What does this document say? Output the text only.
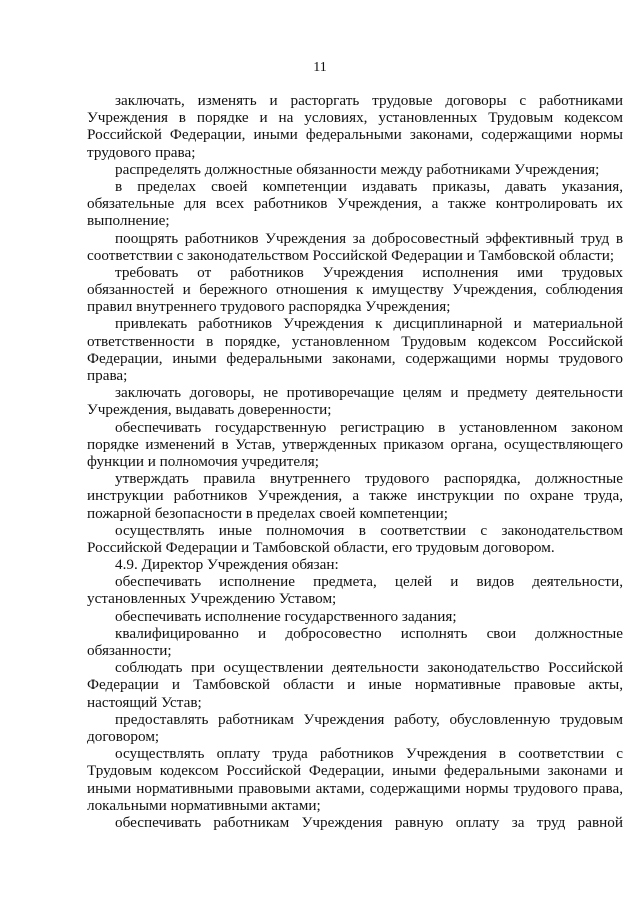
11
заключать, изменять и расторгать трудовые договоры с работниками
Учреждения в порядке и на условиях, установленных Трудовым кодексом
Российской Федерации, иными федеральными законами, содержащими нормы
трудового права;
распределять должностные обязанности между работниками Учреждения;
в пределах своей компетенции издавать приказы, давать указания,
обязательные для всех работников Учреждения, а также контролировать их
выполнение;
поощрять работников Учреждения за добросовестный эффективный труд в
соответствии с законодательством Российской Федерации и Тамбовской области;
требовать от работников Учреждения исполнения ими трудовых
обязанностей и бережного отношения к имуществу Учреждения, соблюдения
правил внутреннего трудового распорядка Учреждения;
привлекать работников Учреждения к дисциплинарной и материальной
ответственности в порядке, установленном Трудовым кодексом Российской
Федерации, иными федеральными законами, содержащими нормы трудового
права;
заключать договоры, не противоречащие целям и предмету деятельности
Учреждения, выдавать доверенности;
обеспечивать государственную регистрацию в установленном законом
порядке изменений в Устав, утвержденных приказом органа, осуществляющего
функции и полномочия учредителя;
утверждать правила внутреннего трудового распорядка, должностные
инструкции работников Учреждения, а также инструкции по охране труда,
пожарной безопасности в пределах своей компетенции;
осуществлять иные полномочия в соответствии с законодательством
Российской Федерации и Тамбовской области, его трудовым договором.
4.9. Директор Учреждения обязан:
обеспечивать исполнение предмета, целей и видов деятельности,
установленных Учреждению Уставом;
обеспечивать исполнение государственного задания;
квалифицированно и добросовестно исполнять свои должностные
обязанности;
соблюдать при осуществлении деятельности законодательство Российской
Федерации и Тамбовской области и иные нормативные правовые акты,
настоящий Устав;
предоставлять работникам Учреждения работу, обусловленную трудовым
договором;
осуществлять оплату труда работников Учреждения в соответствии с
Трудовым кодексом Российской Федерации, иными федеральными законами и
иными нормативными правовыми актами, содержащими нормы трудового права,
локальными нормативными актами;
обеспечивать работникам Учреждения равную оплату за труд равной
